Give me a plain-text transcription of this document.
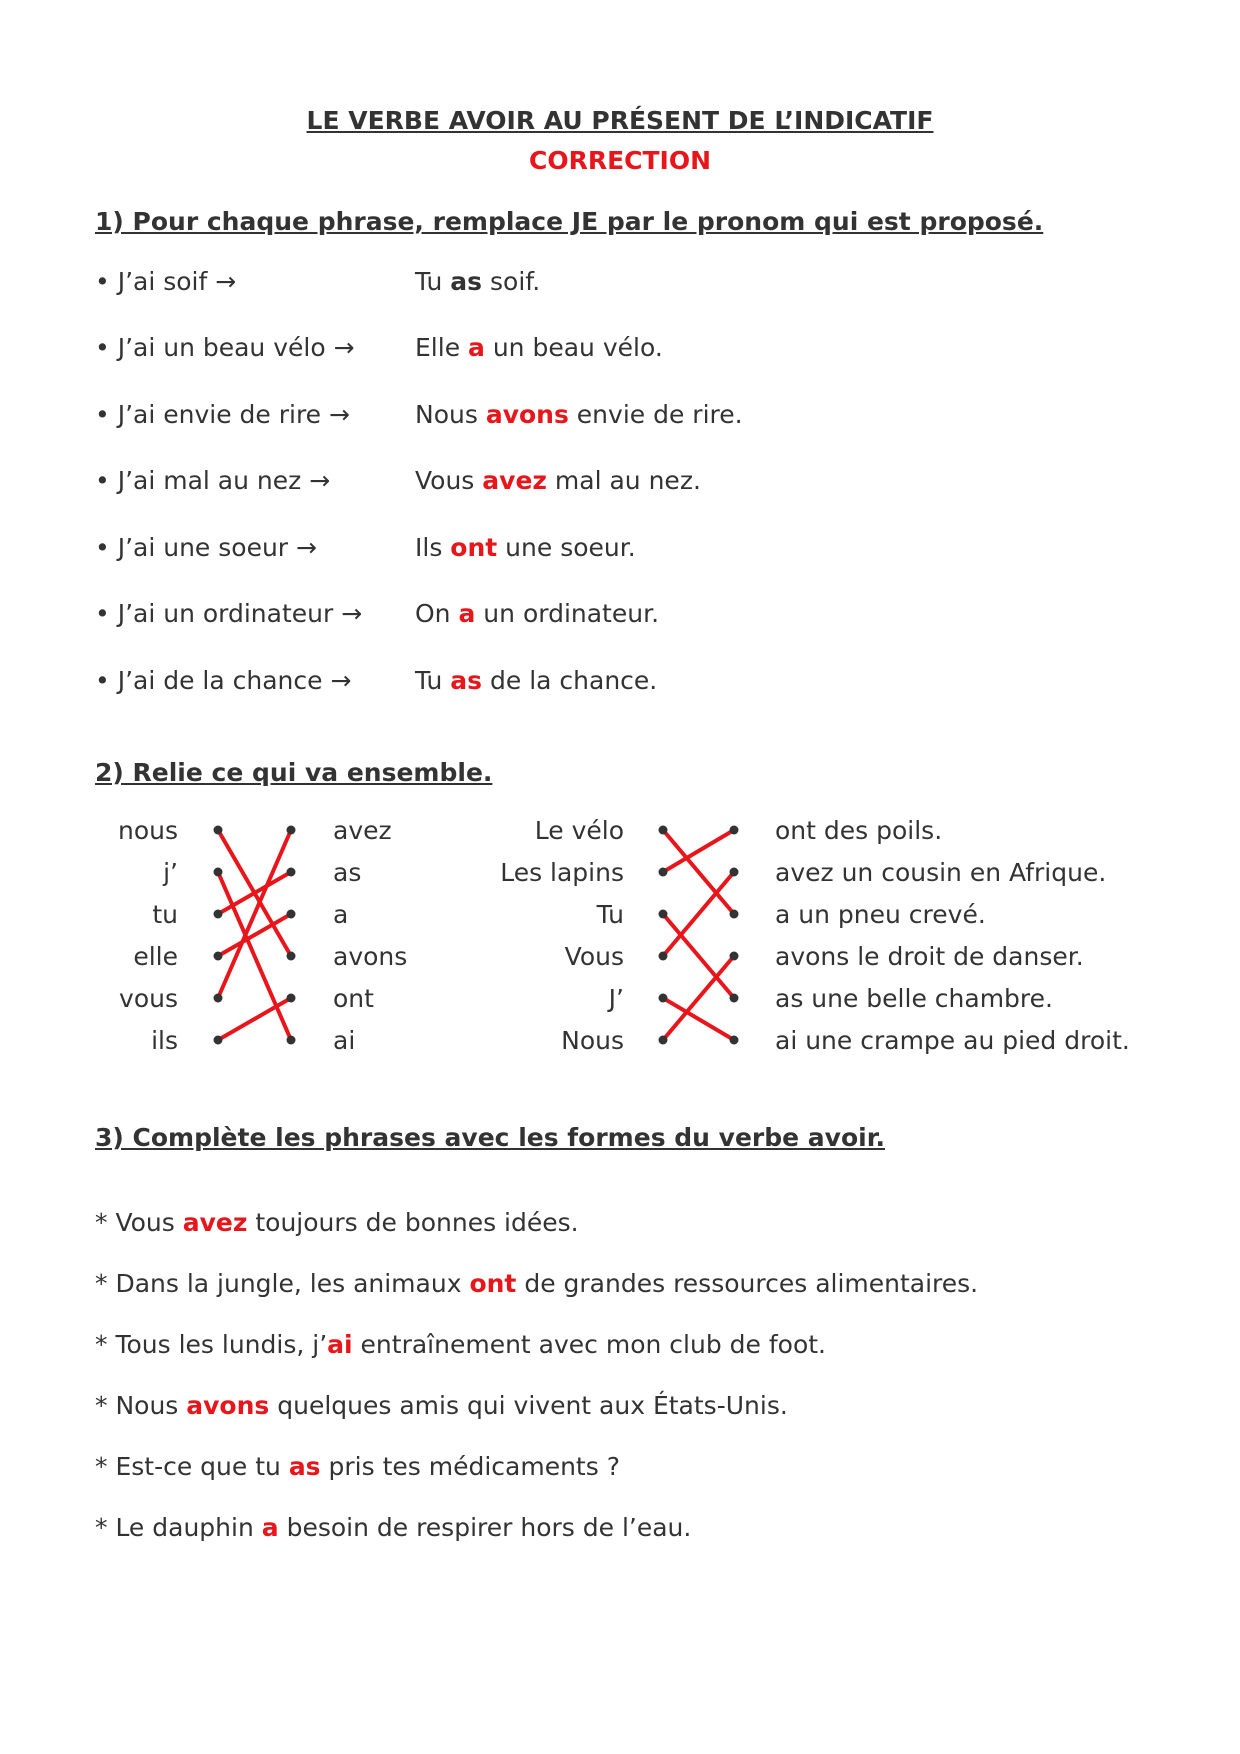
LE VERBE AVOIR AU PRÉSENT DE L’INDICATIF
CORRECTION
1) Pour chaque phrase, remplace JE par le pronom qui est proposé.
• J’ai soif →	Tu as soif.
• J’ai un beau vélo → Elle a un beau vélo.
• J’ai envie de rire →	Nous avons envie de rire.
• J’ai mal au nez →	Vous avez mal au nez.
• J’ai une soeur →	Ils ont une soeur.
• J’ai un ordinateur → On a un ordinateur.
• J’ai de la chance →	Tu as de la chance.
2) Relie ce qui va ensemble.
nous
j’
tu
elle
vous
ils
avez
as
a
avons
ont
ai
Le vélo
Les lapins
Tu
Vous
J’
Nous
ont des poils.
avez un cousin en Afrique.
a un pneu crevé.
avons le droit de danser.
as une belle chambre.
ai une crampe au pied droit.
3) Complète les phrases avec les formes du verbe avoir.
* Vous avez toujours de bonnes idées.
* Dans la jungle, les animaux ont de grandes ressources alimentaires.
* Tous les lundis, j’ai entraînement avec mon club de foot.
* Nous avons quelques amis qui vivent aux États-Unis.
* Est-ce que tu as pris tes médicaments ?
* Le dauphin a besoin de respirer hors de l’eau.
